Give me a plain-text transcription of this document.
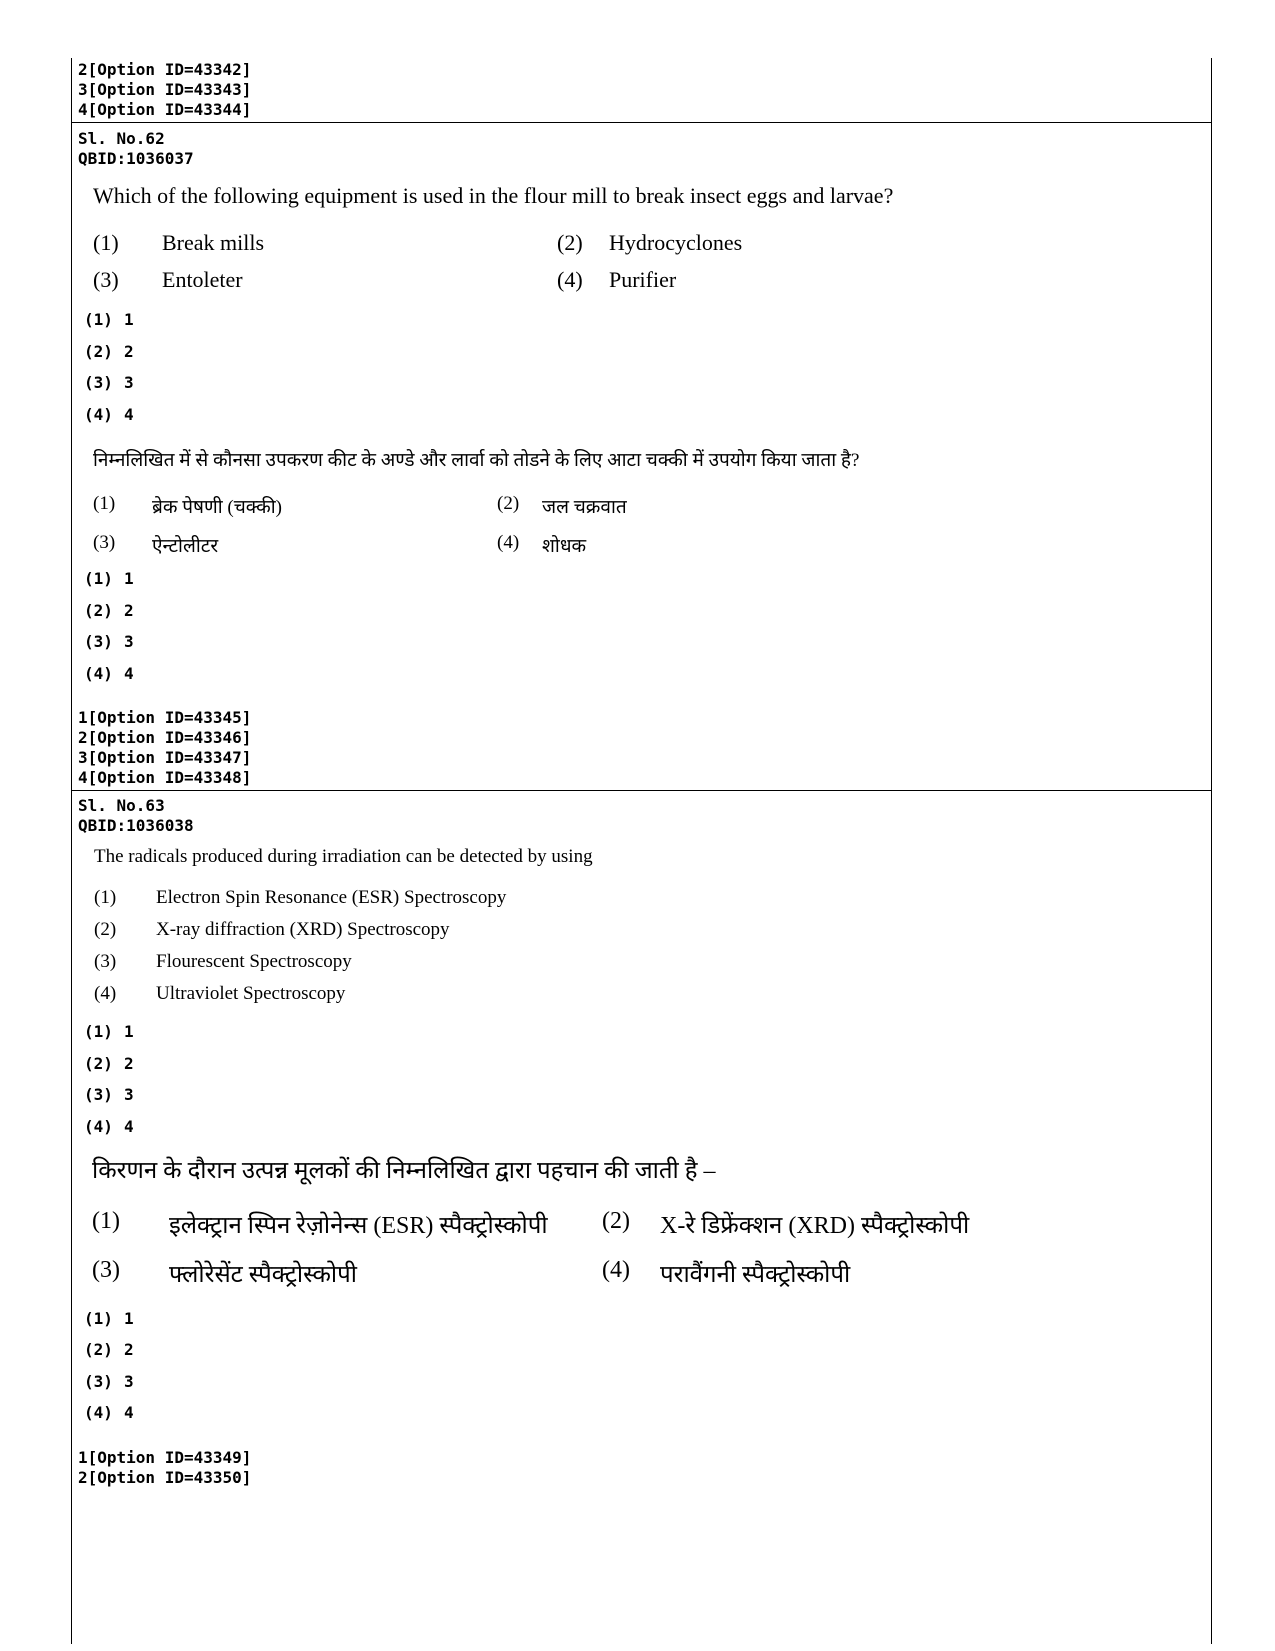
2[Option ID=43342]
3[Option ID=43343]
4[Option ID=43344]
Sl. No.62
QBID:1036037
Which of the following equipment is used in the flour mill to break insect eggs and larvae?
(1) Break mills	(2) Hydrocyclones
(3) Entoleter	(4) Purifier
(1) 1
(2) 2
(3) 3
(4) 4
निम्नलिखित में से कौनसा उपकरण कीट के अण्डे और लार्वा को तोडने के लिए आटा चक्की में उपयोग किया जाता है?
(1) ब्रेक पेषणी (चक्की)	(2) जल चक्रवात
(3) ऐन्टोलीटर	(4) शोधक
(1) 1
(2) 2
(3) 3
(4) 4
1[Option ID=43345]
2[Option ID=43346]
3[Option ID=43347]
4[Option ID=43348]
Sl. No.63
QBID:1036038
The radicals produced during irradiation can be detected by using
(1) Electron Spin Resonance (ESR) Spectroscopy
(2) X-ray diffraction (XRD) Spectroscopy
(3) Flourescent Spectroscopy
(4) Ultraviolet Spectroscopy
(1) 1
(2) 2
(3) 3
(4) 4
किरणन के दौरान उत्पन्न मूलकों की निम्नलिखित द्वारा पहचान की जाती है –
(1) इलेक्ट्रान स्पिन रेज़ोनेन्स (ESR) स्पैक्ट्रोस्कोपी (2) X-रे डिफ्रेंक्शन (XRD) स्पैक्ट्रोस्कोपी
(3) फ्लोरेसेंट स्पैक्ट्रोस्कोपी	(4) परावैंगनी स्पैक्ट्रोस्कोपी
(1) 1
(2) 2
(3) 3
(4) 4
1[Option ID=43349]
2[Option ID=43350]
